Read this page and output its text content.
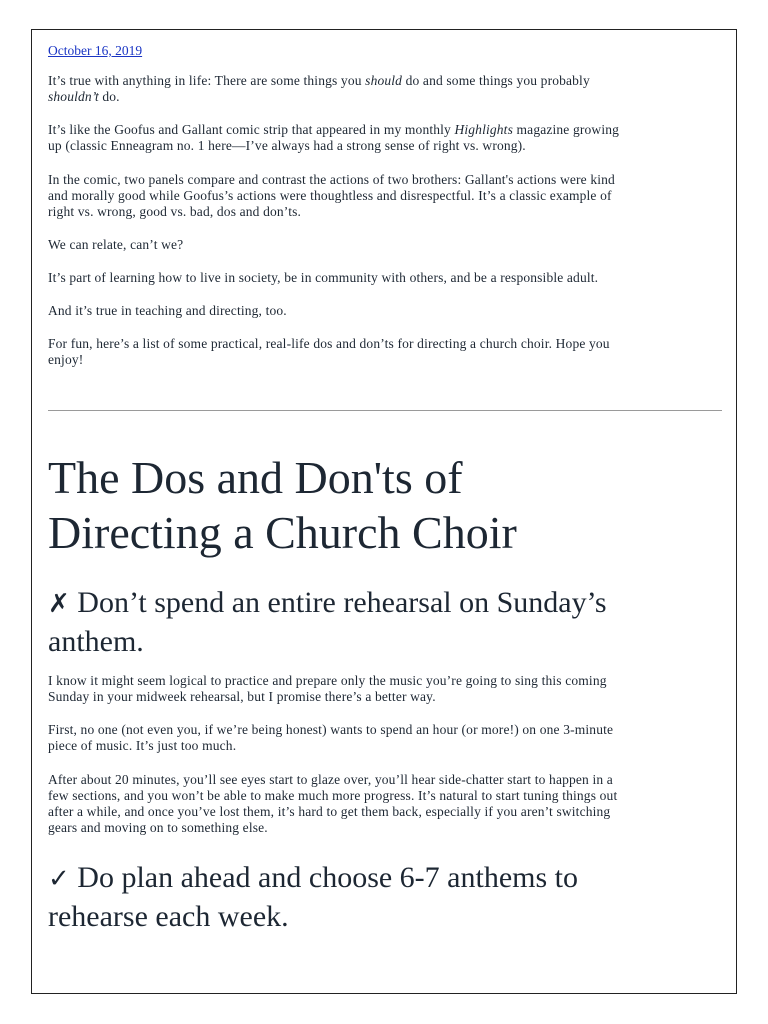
October 16, 2019

It’s true with anything in life: There are some things you should do and some things you probably
shouldn’t do.

It’s like the Goofus and Gallant comic strip that appeared in my monthly Highlights magazine growing
up (classic Enneagram no. 1 here—I’ve always had a strong sense of right vs. wrong).

In the comic, two panels compare and contrast the actions of two brothers: Gallant's actions were kind
and morally good while Goofus’s actions were thoughtless and disrespectful. It’s a classic example of
right vs. wrong, good vs. bad, dos and don’ts.

We can relate, can’t we?

It’s part of learning how to live in society, be in community with others, and be a responsible adult.

And it’s true in teaching and directing, too.

For fun, here’s a list of some practical, real-life dos and don’ts for directing a church choir. Hope you
enjoy!

The Dos and Don'ts of
Directing a Church Choir
✗ Don’t spend an entire rehearsal on Sunday’s
anthem.

I know it might seem logical to practice and prepare only the music you’re going to sing this coming
Sunday in your midweek rehearsal, but I promise there’s a better way.

First, no one (not even you, if we’re being honest) wants to spend an hour (or more!) on one 3-minute
piece of music. It’s just too much.

After about 20 minutes, you’ll see eyes start to glaze over, you’ll hear side-chatter start to happen in a
few sections, and you won’t be able to make much more progress. It’s natural to start tuning things out
after a while, and once you’ve lost them, it’s hard to get them back, especially if you aren’t switching
gears and moving on to something else.

✓ Do plan ahead and choose 6-7 anthems to
rehearse each week.
